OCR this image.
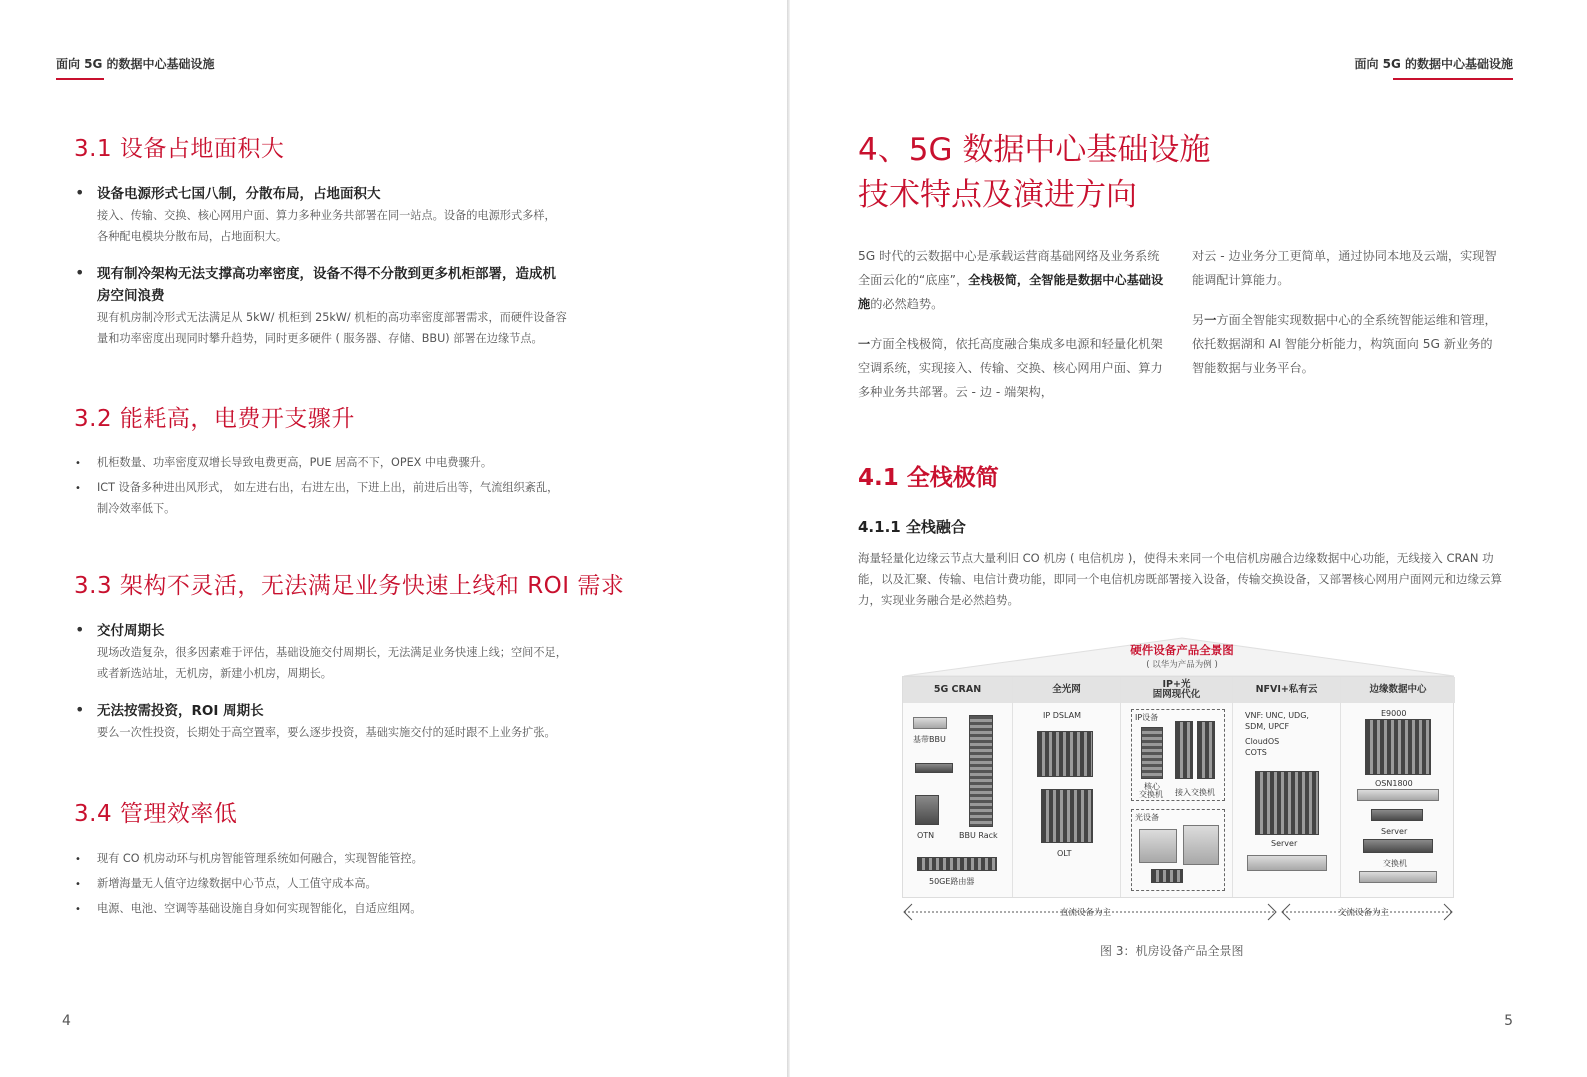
面向 5G 的数据中心基础设施
3.1 设备占地面积大
• 设备电源形式七国八制，分散布局，占地面积大
接入、传输、交换、核心网用户面、算力多种业务共部署在同一站点。设备的电源形式多样，
各种配电模块分散布局，占地面积大。
• 现有制冷架构无法支撑高功率密度，设备不得不分散到更多机柜部署，造成机
房空间浪费
现有机房制冷形式无法满足从 5kW/ 机柜到 25kW/ 机柜的高功率密度部署需求，而硬件设备容
量和功率密度出现同时攀升趋势，同时更多硬件 ( 服务器、存储、BBU) 部署在边缘节点。
3.2 能耗高，电费开支骤升
• 机柜数量、功率密度双增长导致电费更高，PUE 居高不下，OPEX 中电费骤升。
• ICT 设备多种进出风形式， 如左进右出，右进左出，下进上出，前进后出等，气流组织紊乱，
制冷效率低下。
3.3 架构不灵活，无法满足业务快速上线和 ROI 需求
• 交付周期长
现场改造复杂，很多因素难于评估，基础设施交付周期长，无法满足业务快速上线；空间不足，
或者新选站址，无机房，新建小机房，周期长。
• 无法按需投资，ROI 周期长
要么一次性投资，长期处于高空置率，要么逐步投资，基础实施交付的延时跟不上业务扩张。
3.4 管理效率低
• 现有 CO 机房动环与机房智能管理系统如何融合，实现智能管控。
• 新增海量无人值守边缘数据中心节点，人工值守成本高。
• 电源、电池、空调等基础设施自身如何实现智能化，自适应组网。
4
面向 5G 的数据中心基础设施
4、5G 数据中心基础设施
技术特点及演进方向

5G 时代的云数据中心是承载运营商基础网络及业务系统全面云化的“底座”，全栈极简，全智能是数据中心基础设施的必然趋势。

一方面全栈极简，依托高度融合集成多电源和轻量化机架空调系统，实现接入、传输、交换、核心网用户面、算力多种业务共部署。云 - 边 - 端架构，

对云 - 边业务分工更简单，通过协同本地及云端，实现智能调配计算能力。

另一方面全智能实现数据中心的全系统智能运维和管理，依托数据湖和 AI 智能分析能力，构筑面向 5G 新业务的智能数据与业务平台。

4.1 全栈极简
4.1.1 全栈融合

海量轻量化边缘云节点大量利旧 CO 机房 ( 电信机房 )，使得未来同一个电信机房融合边缘数据中心功能，无线接入 CRAN 功能，以及汇聚、传输、电信计费功能，即同一个电信机房既部署接入设备，传输交换设备，又部署核心网用户面网元和边缘云算力，实现业务融合是必然趋势。

硬件设备产品全景图
( 以华为产品为例 )
5G CRAN
基带BBU
OTN	BBU Rack
50GE路由器
全光网
IP DSLAM
OLT
IP+光
固网现代化
IP设备
核心
交换机 接入交换机
光设备
NFVI+私有云
VNF: UNC, UDG,
SDM, UPCF
CloudOS
COTS
Server
边缘数据中心
E9000
OSN1800
Server
交换机
直流设备为主	交流设备为主
图 3：机房设备产品全景图
5
